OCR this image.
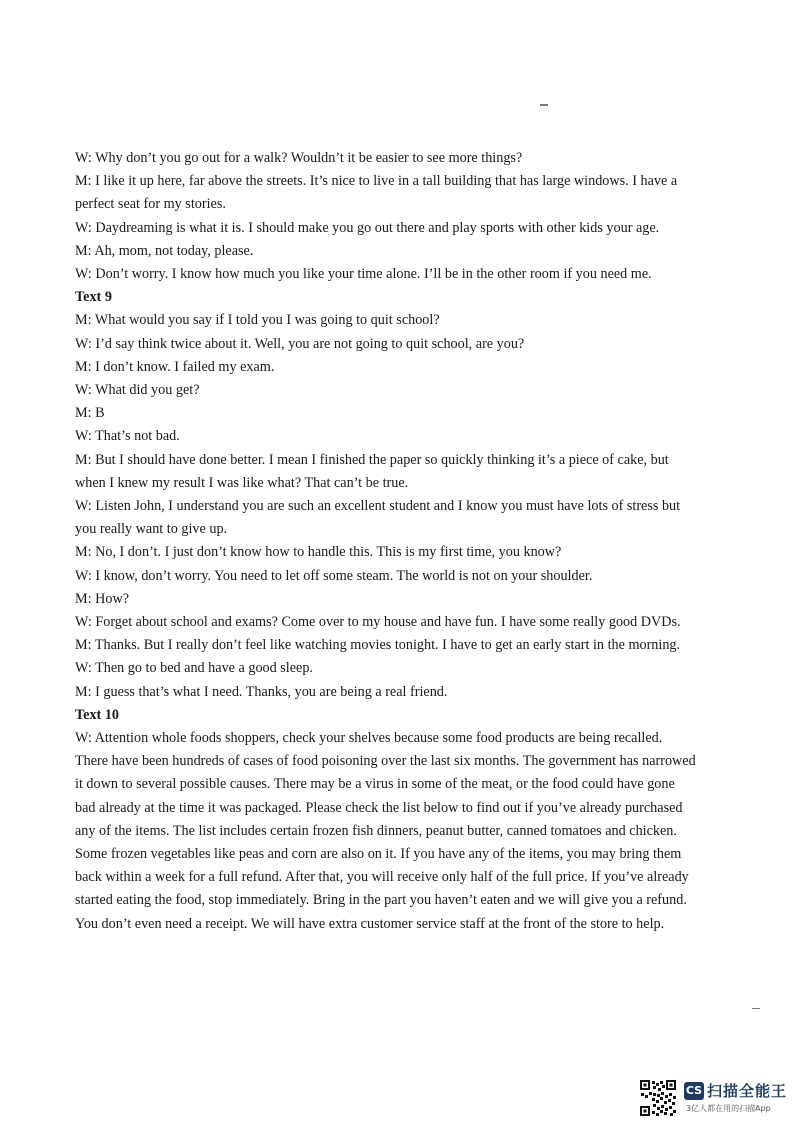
W: Why don’t you go out for a walk? Wouldn’t it be easier to see more things?
M: I like it up here, far above the streets. It’s nice to live in a tall building that has large windows. I have a
perfect seat for my stories.
W: Daydreaming is what it is. I should make you go out there and play sports with other kids your age.
M: Ah, mom, not today, please.
W: Don’t worry. I know how much you like your time alone. I’ll be in the other room if you need me.
Text 9
M: What would you say if I told you I was going to quit school?
W: I’d say think twice about it. Well, you are not going to quit school, are you?
M: I don’t know. I failed my exam.
W: What did you get?
M: B
W: That’s not bad.
M: But I should have done better. I mean I finished the paper so quickly thinking it’s a piece of cake, but
when I knew my result I was like what? That can’t be true.
W: Listen John, I understand you are such an excellent student and I know you must have lots of stress but
you really want to give up.
M: No, I don’t. I just don’t know how to handle this. This is my first time, you know?
W: I know, don’t worry. You need to let off some steam. The world is not on your shoulder.
M: How?
W: Forget about school and exams? Come over to my house and have fun. I have some really good DVDs.
M: Thanks. But I really don’t feel like watching movies tonight. I have to get an early start in the morning.
W: Then go to bed and have a good sleep.
M: I guess that’s what I need. Thanks, you are being a real friend.
Text 10
W: Attention whole foods shoppers, check your shelves because some food products are being recalled.
There have been hundreds of cases of food poisoning over the last six months. The government has narrowed
it down to several possible causes. There may be a virus in some of the meat, or the food could have gone
bad already at the time it was packaged. Please check the list below to find out if you’ve already purchased
any of the items. The list includes certain frozen fish dinners, peanut butter, canned tomatoes and chicken.
Some frozen vegetables like peas and corn are also on it. If you have any of the items, you may bring them
back within a week for a full refund. After that, you will receive only half of the full price. If you’ve already
started eating the food, stop immediately. Bring in the part you haven’t eaten and we will give you a refund.
You don’t even need a receipt. We will have extra customer service staff at the front of the store to help.
CS 扫描全能王
3亿人都在用的扫描App
